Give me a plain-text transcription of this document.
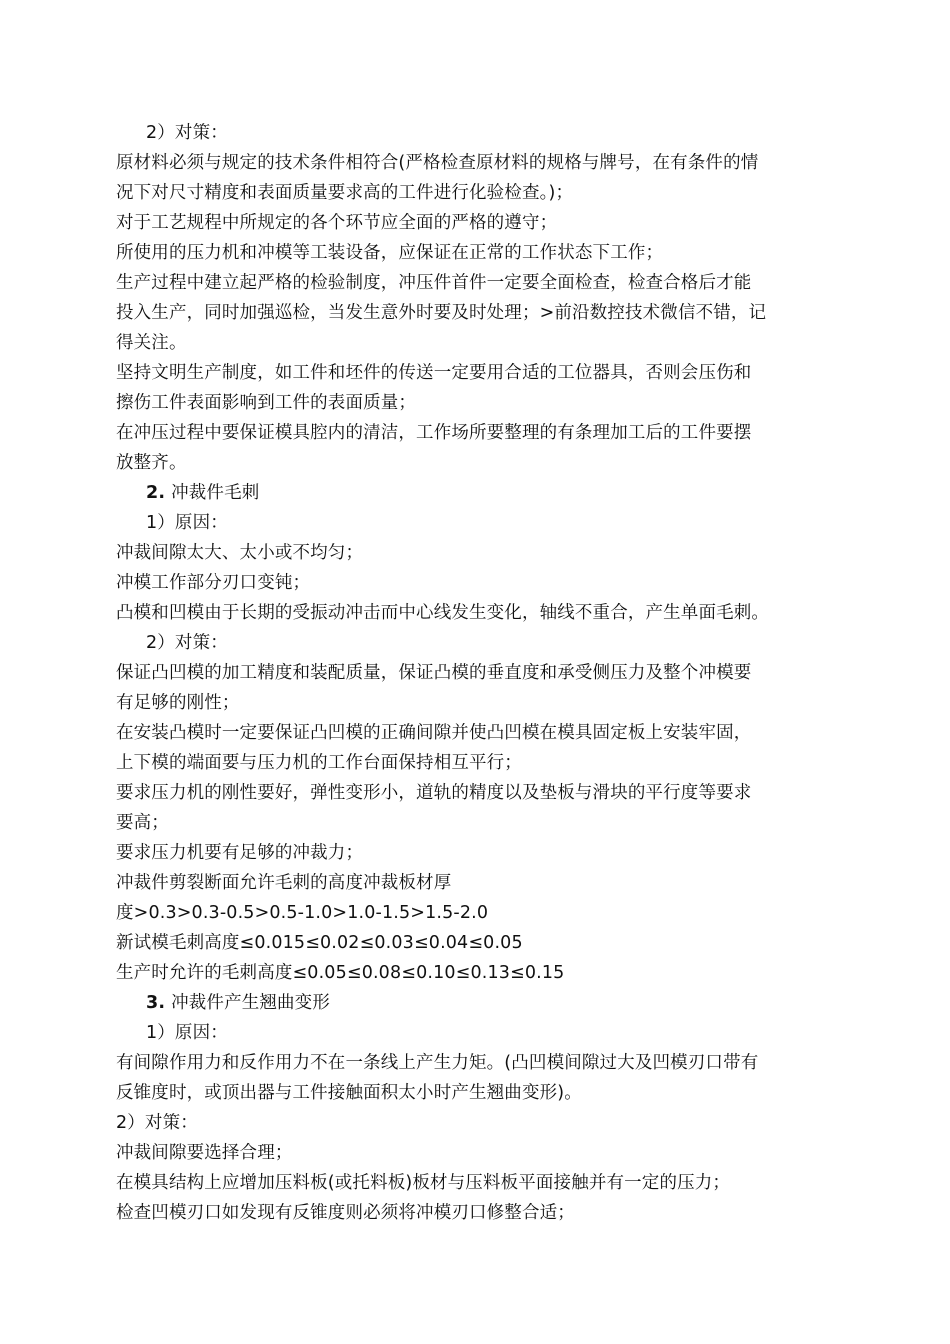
2）对策：
原材料必须与规定的技术条件相符合(严格检查原材料的规格与牌号，在有条件的情
况下对尺寸精度和表面质量要求高的工件进行化验检查。)；
对于工艺规程中所规定的各个环节应全面的严格的遵守；
所使用的压力机和冲模等工装设备，应保证在正常的工作状态下工作；
生产过程中建立起严格的检验制度，冲压件首件一定要全面检查，检查合格后才能
投入生产，同时加强巡检，当发生意外时要及时处理；>前沿数控技术微信不错，记
得关注。
坚持文明生产制度，如工件和坯件的传送一定要用合适的工位器具，否则会压伤和
擦伤工件表面影响到工件的表面质量；
在冲压过程中要保证模具腔内的清洁，工作场所要整理的有条理加工后的工件要摆
放整齐。
2. 冲裁件毛刺
1）原因：
冲裁间隙太大、太小或不均匀；
冲模工作部分刃口变钝；
凸模和凹模由于长期的受振动冲击而中心线发生变化，轴线不重合，产生单面毛刺。
2）对策：
保证凸凹模的加工精度和装配质量，保证凸模的垂直度和承受侧压力及整个冲模要
有足够的刚性；
在安装凸模时一定要保证凸凹模的正确间隙并使凸凹模在模具固定板上安装牢固，
上下模的端面要与压力机的工作台面保持相互平行；
要求压力机的刚性要好，弹性变形小，道轨的精度以及垫板与滑块的平行度等要求
要高；
要求压力机要有足够的冲裁力；
冲裁件剪裂断面允许毛刺的高度冲裁板材厚
度>0.3>0.3-0.5>0.5-1.0>1.0-1.5>1.5-2.0
新试模毛刺高度≤0.015≤0.02≤0.03≤0.04≤0.05
生产时允许的毛刺高度≤0.05≤0.08≤0.10≤0.13≤0.15
3. 冲裁件产生翘曲变形
1）原因：
有间隙作用力和反作用力不在一条线上产生力矩。(凸凹模间隙过大及凹模刃口带有
反锥度时，或顶出器与工件接触面积太小时产生翘曲变形)。
2）对策：
冲裁间隙要选择合理；
在模具结构上应增加压料板(或托料板)板材与压料板平面接触并有一定的压力；
检查凹模刃口如发现有反锥度则必须将冲模刃口修整合适；
